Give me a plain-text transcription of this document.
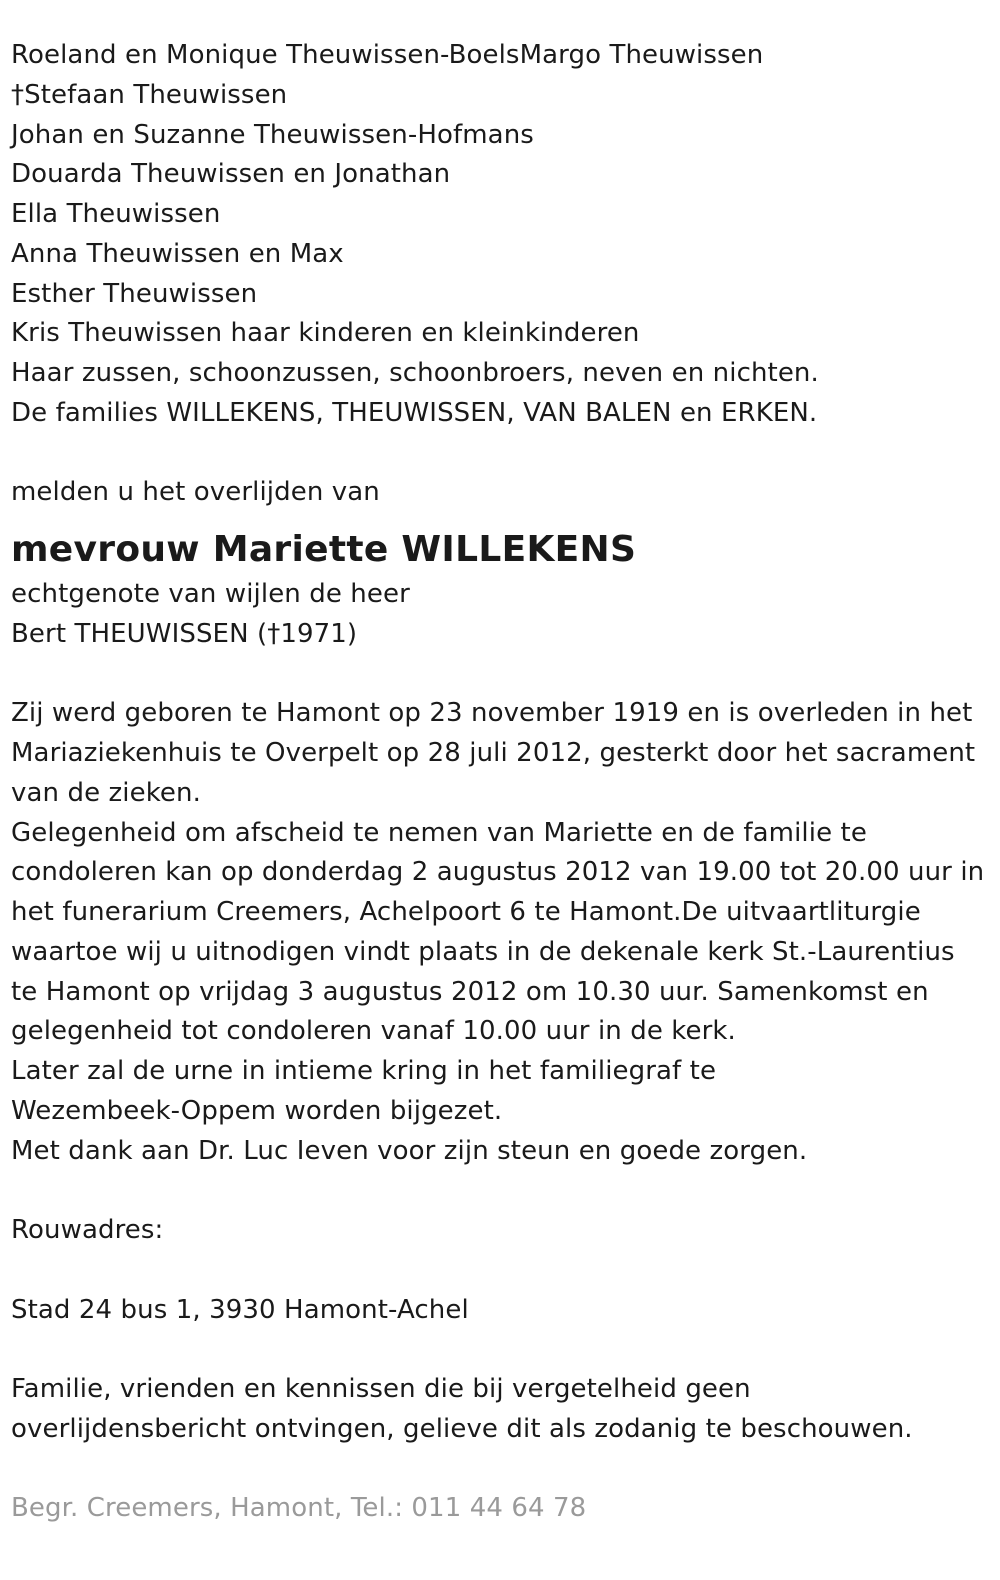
Roeland en Monique Theuwissen-BoelsMargo Theuwissen
†Stefaan Theuwissen
Johan en Suzanne Theuwissen-Hofmans
Douarda Theuwissen en Jonathan
Ella Theuwissen
Anna Theuwissen en Max
Esther Theuwissen
Kris Theuwissen haar kinderen en kleinkinderen
Haar zussen, schoonzussen, schoonbroers, neven en nichten.
De families WILLEKENS, THEUWISSEN, VAN BALEN en ERKEN.
melden u het overlijden van
mevrouw Mariette WILLEKENS
echtgenote van wijlen de heer
Bert THEUWISSEN (†1971)
Zij werd geboren te Hamont op 23 november 1919 en is overleden in het
Mariaziekenhuis te Overpelt op 28 juli 2012, gesterkt door het sacrament
van de zieken.
Gelegenheid om afscheid te nemen van Mariette en de familie te
condoleren kan op donderdag 2 augustus 2012 van 19.00 tot 20.00 uur in
het funerarium Creemers, Achelpoort 6 te Hamont.De uitvaartliturgie
waartoe wij u uitnodigen vindt plaats in de dekenale kerk St.-Laurentius
te Hamont op vrijdag 3 augustus 2012 om 10.30 uur. Samenkomst en
gelegenheid tot condoleren vanaf 10.00 uur in de kerk.
Later zal de urne in intieme kring in het familiegraf te
Wezembeek-Oppem worden bijgezet.
Met dank aan Dr. Luc Ieven voor zijn steun en goede zorgen.
Rouwadres:
Stad 24 bus 1, 3930 Hamont-Achel
Familie, vrienden en kennissen die bij vergetelheid geen
overlijdensbericht ontvingen, gelieve dit als zodanig te beschouwen.
Begr. Creemers, Hamont, Tel.: 011 44 64 78
